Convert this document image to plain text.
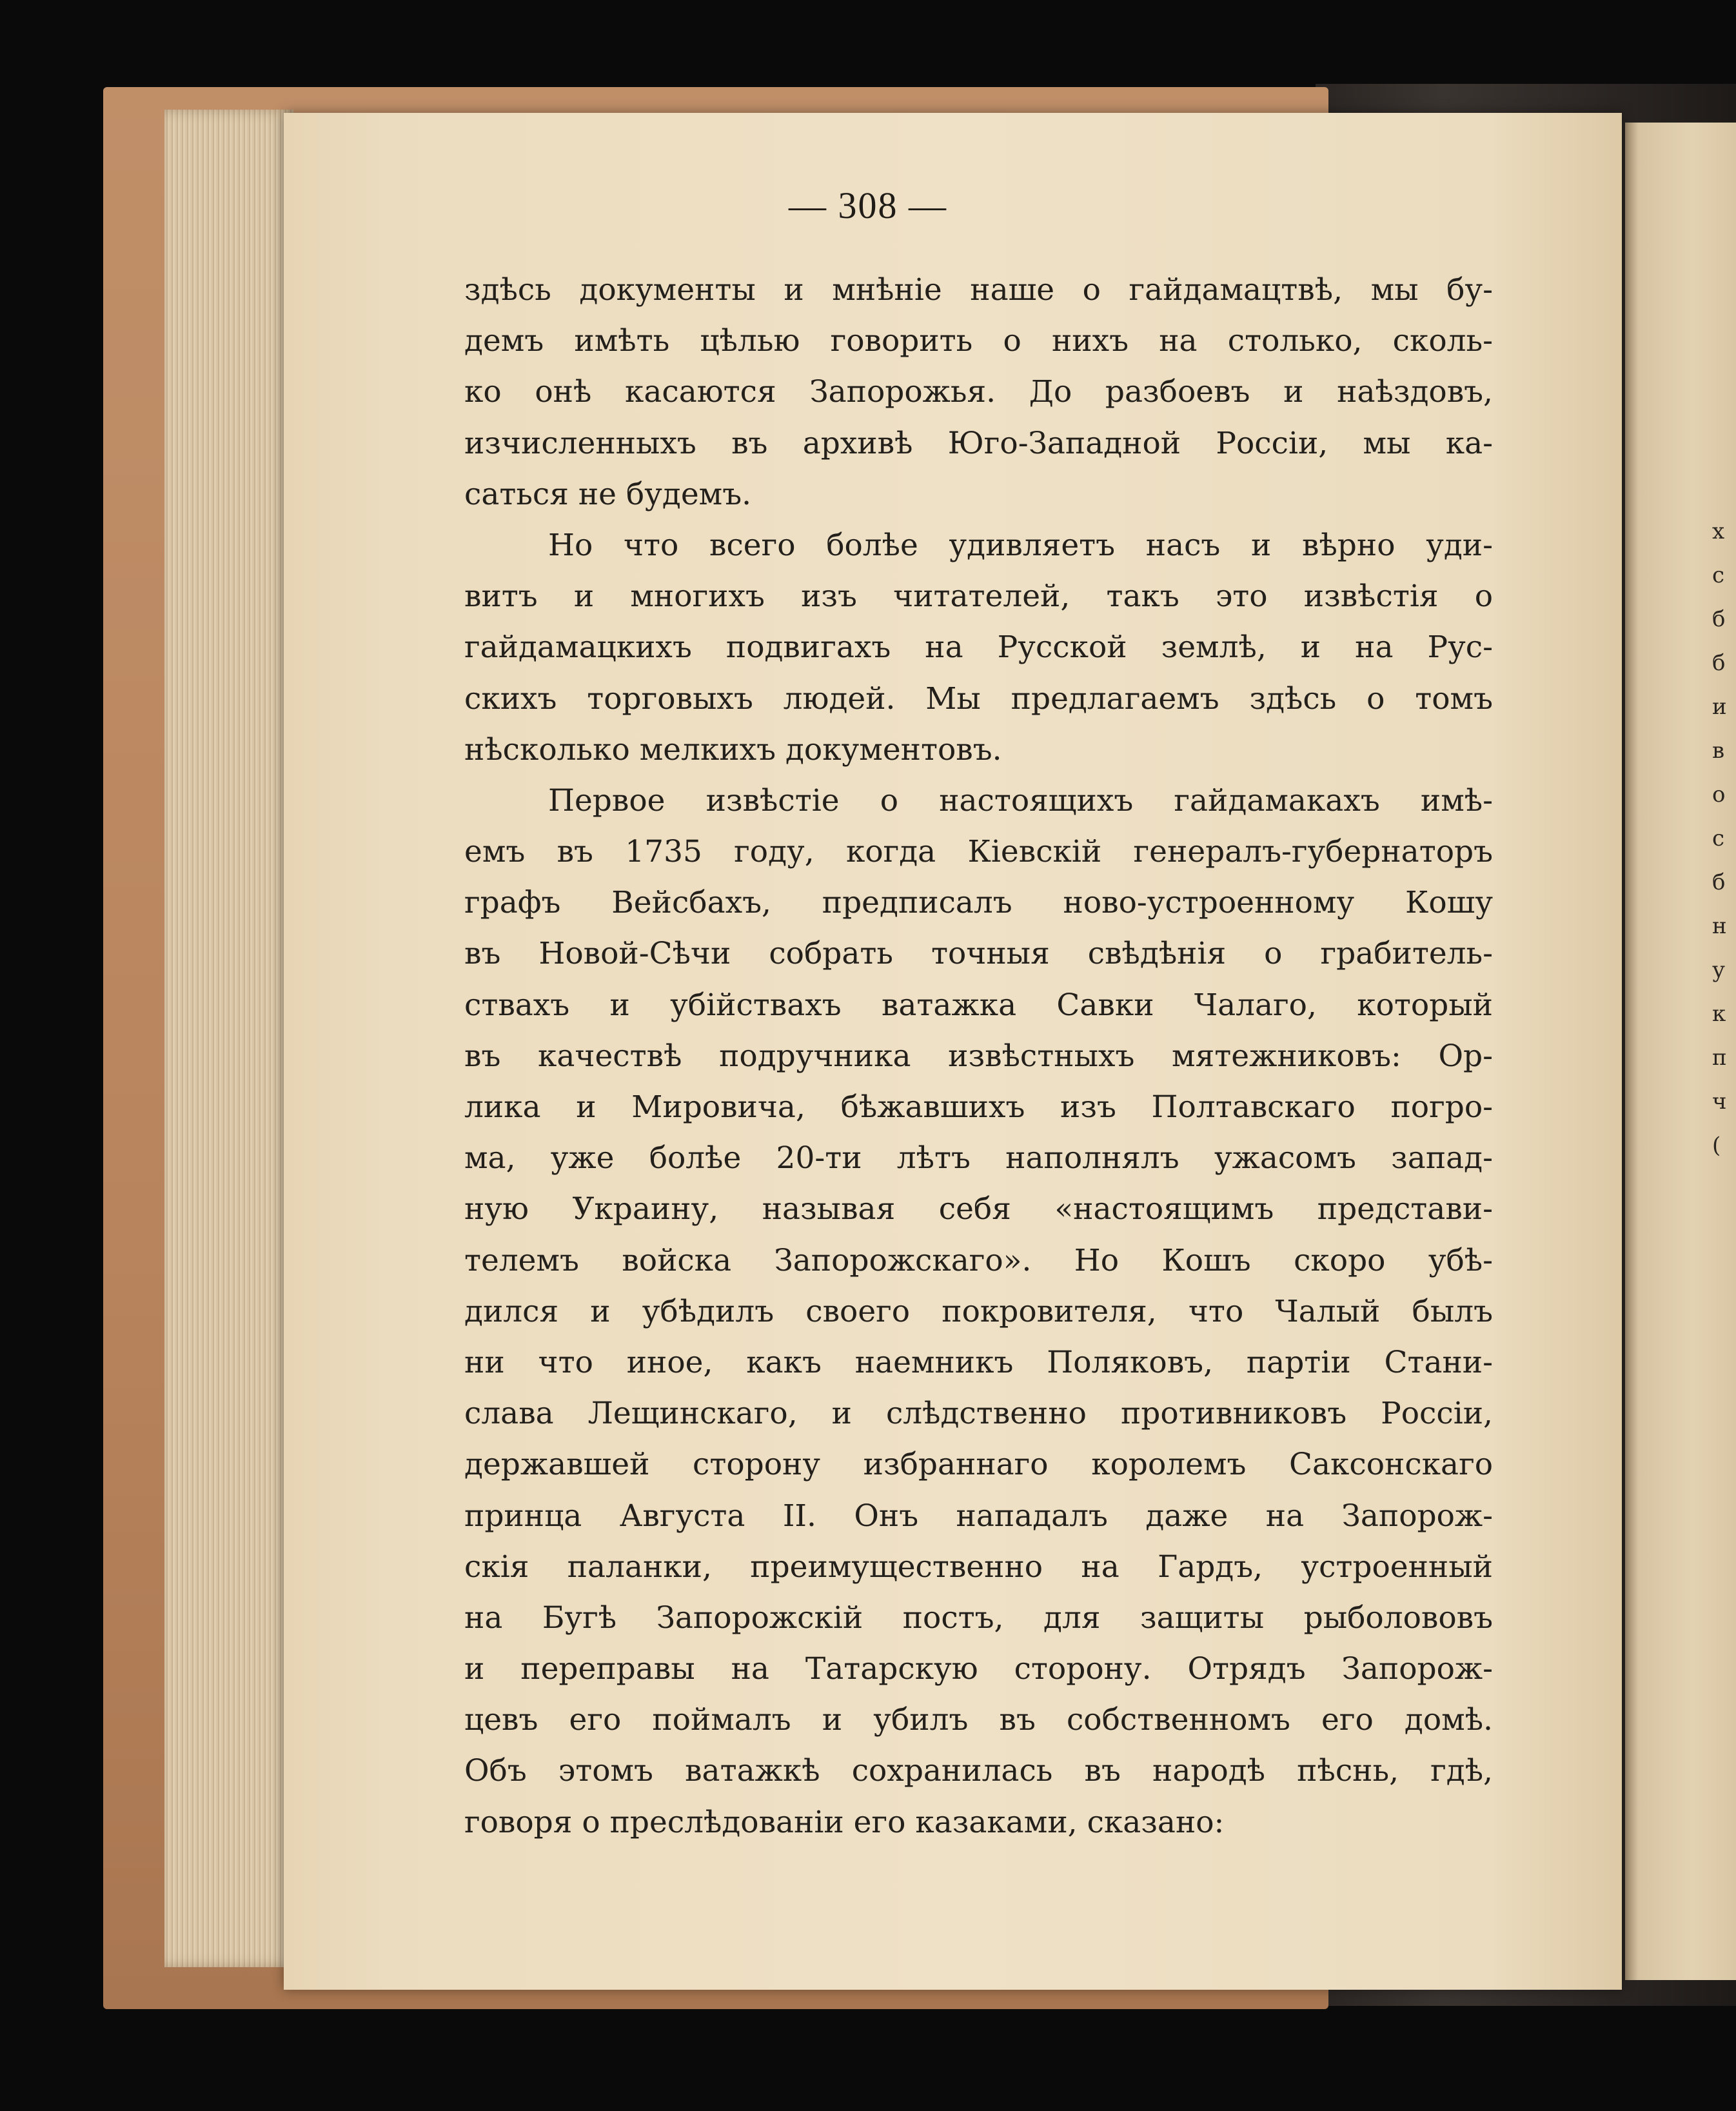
х
с
б
б
и
в
о
с
б
н
у
к
п
ч
(
— 308 —
здѣсь документы и мнѣніе наше о гайдамацтвѣ, мы бу-
демъ имѣть цѣлью говорить о нихъ на столько, сколь-
ко онѣ касаются Запорожья. До разбоевъ и наѣздовъ,
изчисленныхъ въ архивѣ Юго-Западной Россіи, мы ка-
саться не будемъ.
Но что всего болѣе удивляетъ насъ и вѣрно уди-
витъ и многихъ изъ читателей, такъ это извѣстія о
гайдамацкихъ подвигахъ на Русской землѣ, и на Рус-
скихъ торговыхъ людей. Мы предлагаемъ здѣсь о томъ
нѣсколько мелкихъ документовъ.
Первое извѣстіе о настоящихъ гайдамакахъ имѣ-
емъ въ 1735 году, когда Кіевскій генералъ-губернаторъ
графъ Вейсбахъ, предписалъ ново-устроенному Кошу
въ Новой-Сѣчи собрать точныя свѣдѣнія о грабитель-
ствахъ и убійствахъ ватажка Савки Чалаго, который
въ качествѣ подручника извѣстныхъ мятежниковъ: Ор-
лика и Мировича, бѣжавшихъ изъ Полтавскаго погро-
ма, уже болѣе 20-ти лѣтъ наполнялъ ужасомъ запад-
ную Украину, называя себя «настоящимъ представи-
телемъ войска Запорожскаго». Но Кошъ скоро убѣ-
дился и убѣдилъ своего покровителя, что Чалый былъ
ни что иное, какъ наемникъ Поляковъ, партіи Стани-
слава Лещинскаго, и слѣдственно противниковъ Россіи,
державшей сторону избраннаго королемъ Саксонскаго
принца Августа II. Онъ нападалъ даже на Запорож-
скія паланки, преимущественно на Гардъ, устроенный
на Бугѣ Запорожскій постъ, для защиты рыболововъ
и переправы на Татарскую сторону. Отрядъ Запорож-
цевъ его поймалъ и убилъ въ собственномъ его домѣ.
Объ этомъ ватажкѣ сохранилась въ народѣ пѣснь, гдѣ,
говоря о преслѣдованіи его казаками, сказано:
